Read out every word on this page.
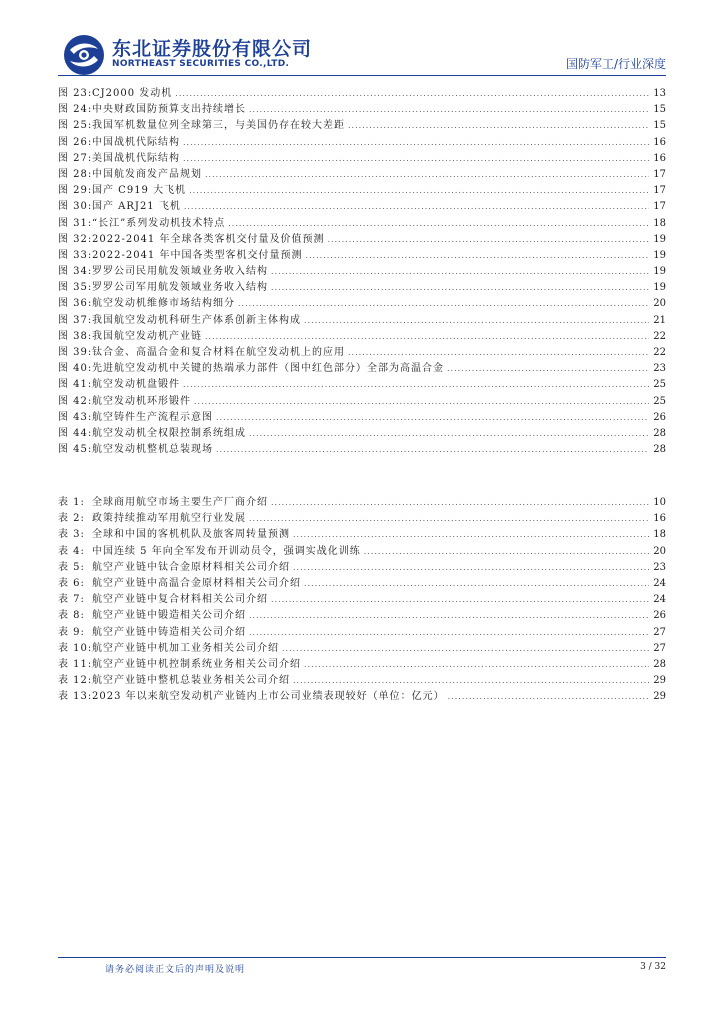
东北证券股份有限公司
NORTHEAST SECURITIES CO.,LTD.	国防军工/行业深度
图 23: CJ2000 发动机 .....	13
图 24: 中央财政国防预算支出持续增长 .....	15
图 25: 我国军机数量位列全球第三，与美国仍存在较大差距 .....	15
图 26: 中国战机代际结构 .....	16
图 27: 美国战机代际结构 .....	16
图 28: 中国航发商发产品规划 .....	17
图 29: 国产 C919 大飞机 .....	17
图 30: 国产 ARJ21 飞机 .....	17
图 31: “长江”系列发动机技术特点 .....	18
图 32: 2022-2041 年全球各类客机交付量及价值预测 .....	19
图 33: 2022-2041 年中国各类型客机交付量预测 .....	19
图 34: 罗罗公司民用航发领域业务收入结构 .....	19
图 35: 罗罗公司军用航发领域业务收入结构 .....	19
图 36: 航空发动机维修市场结构细分 .....	20
图 37: 我国航空发动机科研生产体系创新主体构成 .....	21
图 38: 我国航空发动机产业链 .....	22
图 39: 钛合金、高温合金和复合材料在航空发动机上的应用 .....	22
图 40: 先进航空发动机中关键的热端承力部件（图中红色部分）全部为高温合金 .....	23
图 41: 航空发动机盘锻件 .....	25
图 42: 航空发动机环形锻件 .....	25
图 43: 航空铸件生产流程示意图 .....	26
图 44: 航空发动机全权限控制系统组成 .....	28
图 45: 航空发动机整机总装现场 .....	28
表 1: 全球商用航空市场主要生产厂商介绍 .....	10
表 2: 政策持续推动军用航空行业发展 .....	16
表 3: 全球和中国的客机机队及旅客周转量预测 .....	18
表 4: 中国连续 5 年向全军发布开训动员令，强调实战化训练 .....	20
表 5: 航空产业链中钛合金原材料相关公司介绍 .....	23
表 6: 航空产业链中高温合金原材料相关公司介绍 .....	24
表 7: 航空产业链中复合材料相关公司介绍 .....	24
表 8: 航空产业链中锻造相关公司介绍 .....	26
表 9: 航空产业链中铸造相关公司介绍 .....	27
表 10: 航空产业链中机加工业务相关公司介绍 .....	27
表 11: 航空产业链中机控制系统业务相关公司介绍 .....	28
表 12: 航空产业链中整机总装业务相关公司介绍 .....	29
表 13: 2023 年以来航空发动机产业链内上市公司业绩表现较好（单位：亿元） .....	29
请务必阅读正文后的声明及说明	3 / 32
